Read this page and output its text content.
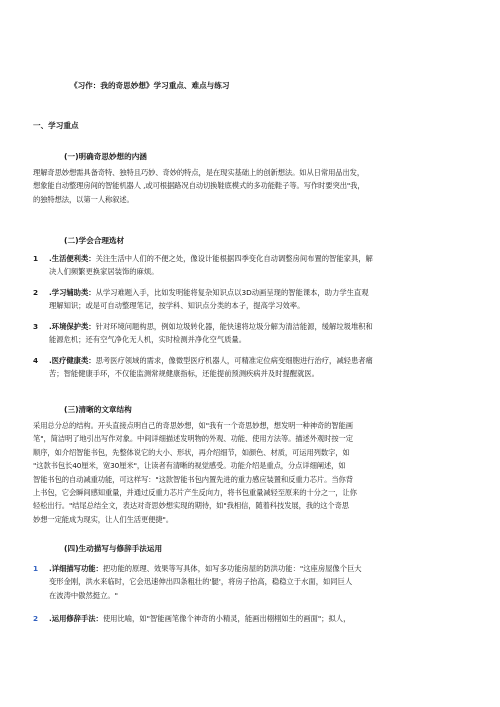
《习作：我的奇思妙想》学习重点、难点与练习
一、学习重点
(一)明确奇思妙想的内涵

理解奇思妙想需具备奇特、独特且巧妙、奇妙的特点，是在现实基础上的创新想法。如从日常用品出发，

想象能自动整理房间的智能机器人 ,或可根据路况自动切换鞋底模式的多功能鞋子等。写作时要突出"我，

的独特想法，以第一人称叙述。

(二)学会合理选材
1	.生活便利类：关注生活中人们的不便之处，像设计能根据四季变化自动调整房间布置的智能家具，解

决人们频繁更换家居装饰的麻烦。

2	.学习辅助类：从学习难题入手，比如发明能将复杂知识点以3D动画呈现的智能课本，助力学生直观

理解知识；或是可自动整理笔记，按学科、知识点分类的本子，提高学习效率。

3	.环境保护类：针对环境问题构思，例如垃圾转化器，能快速将垃圾分解为清洁能源，缓解垃圾堆积和

能源危机；还有空气净化无人机，实时检测并净化空气质量。

4	.医疗健康类：思考医疗领域的需求，像微型医疗机器人，可精准定位病变细胞进行治疗，减轻患者痛

苦；智能健康手环，不仅能监测常规健康指标，还能提前预测疾病并及时提醒就医。

(三)清晰的文章结构

采用总分总的结构。开头直接点明自己的奇思妙想，如"我有一个奇思妙想，想发明一种神奇的智能画

笔"，简洁明了地引出写作对象。中间详细描述发明物的外观、功能、使用方法等。描述外观时按一定

顺序，如介绍智能书包，先整体说它的大小、形状，再介绍细节，如颜色、材质，可运用列数字，如

"这款书包长40厘米，宽30厘米"，让读者有清晰的视觉感受。功能介绍是重点，分点详细阐述，如

智能书包的自动减重功能，可这样写："这款智能书包内置先进的重力感应装置和反重力芯片。当你背

上书包，它会瞬间感知重量，并通过反重力芯片产生反向力，将书包重量减轻至原来的十分之一，让你

轻松出行。"结尾总结全文，表达对奇思妙想实现的期待，如"我相信，随着科技发展，我的这个奇思

妙想一定能成为现实，让人们生活更便捷"。

(四)生动描写与修辞手法运用
1	.详细描写功能：把功能的原理、效果等写具体，如写多功能房屋的防洪功能："这座房屋像个巨大

变形金刚，洪水来临时，它会迅速伸出四条粗壮的'腿'，将房子抬高，稳稳立于水面，如同巨人

在波涛中傲然挺立。"

2	.运用修辞手法：使用比喻，如"智能画笔像个神奇的小精灵，能画出栩栩如生的画面"；拟人，
